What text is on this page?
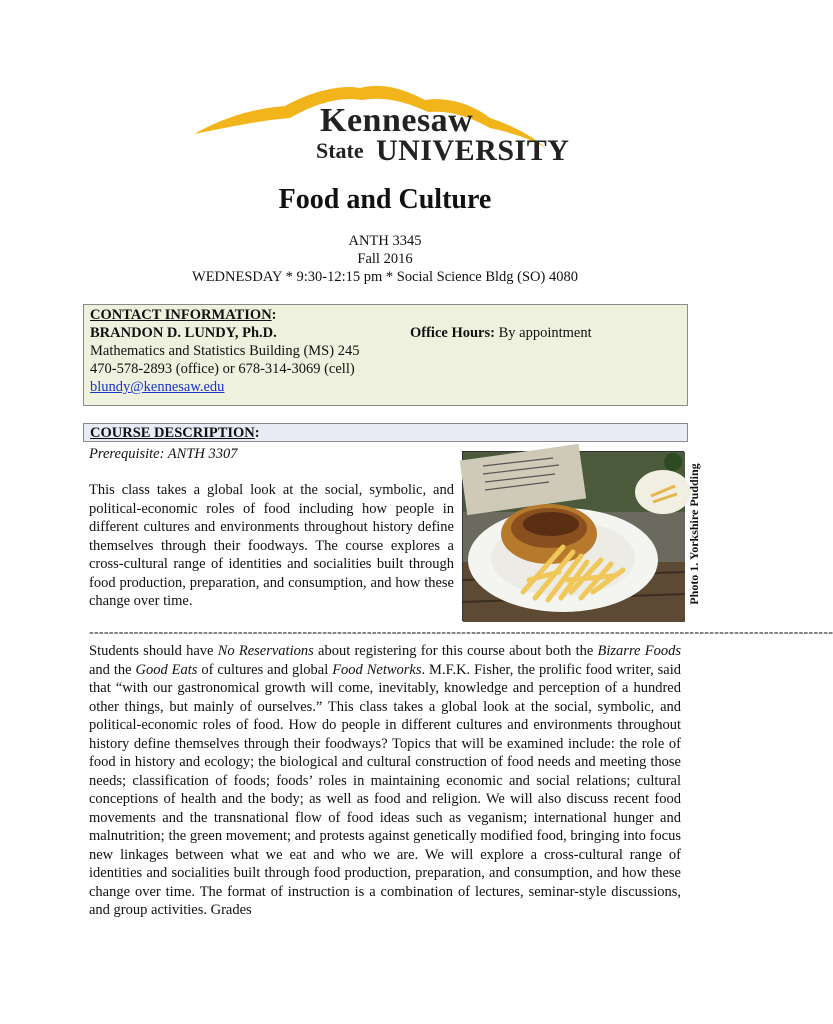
Kennesaw
State UNIVERSITY
Food and Culture
ANTH 3345
Fall 2016
WEDNESDAY * 9:30-12:15 pm * Social Science Bldg (SO) 4080
CONTACT INFORMATION:
BRANDON D. LUNDY, Ph.D.
Mathematics and Statistics Building (MS) 245
470-578-2893 (office) or 678-314-3069 (cell)
blundy@kennesaw.edu
Office Hours: By appointment
COURSE DESCRIPTION:
Prerequisite: ANTH 3307
This class takes a global look at the social, symbolic, and political-economic roles of food including how people in different cultures and environments throughout history define themselves through their foodways. The course explores a cross-cultural range of identities and socialities built through food production, preparation, and consumption, and how these change over time.	Photo 1. Yorkshire Pudding
------------------------------------------------------------------------------------------------------------------------------------------------------
Students should have No Reservations about registering for this course about both the Bizarre Foods and the Good Eats of cultures and global Food Networks. M.F.K. Fisher, the prolific food writer, said that “with our gastronomical growth will come, inevitably, knowledge and perception of a hundred other things, but mainly of ourselves.” This class takes a global look at the social, symbolic, and political-economic roles of food. How do people in different cultures and environments throughout history define themselves through their foodways? Topics that will be examined include: the role of food in history and ecology; the biological and cultural construction of food needs and meeting those needs; classification of foods; foods’ roles in maintaining economic and social relations; cultural conceptions of health and the body; as well as food and religion. We will also discuss recent food movements and the transnational flow of food ideas such as veganism; international hunger and malnutrition; the green movement; and protests against genetically modified food, bringing into focus new linkages between what we eat and who we are. We will explore a cross-cultural range of identities and socialities built through food production, preparation, and consumption, and how these change over time. The format of instruction is a combination of lectures, seminar-style discussions, and group activities. Grades
